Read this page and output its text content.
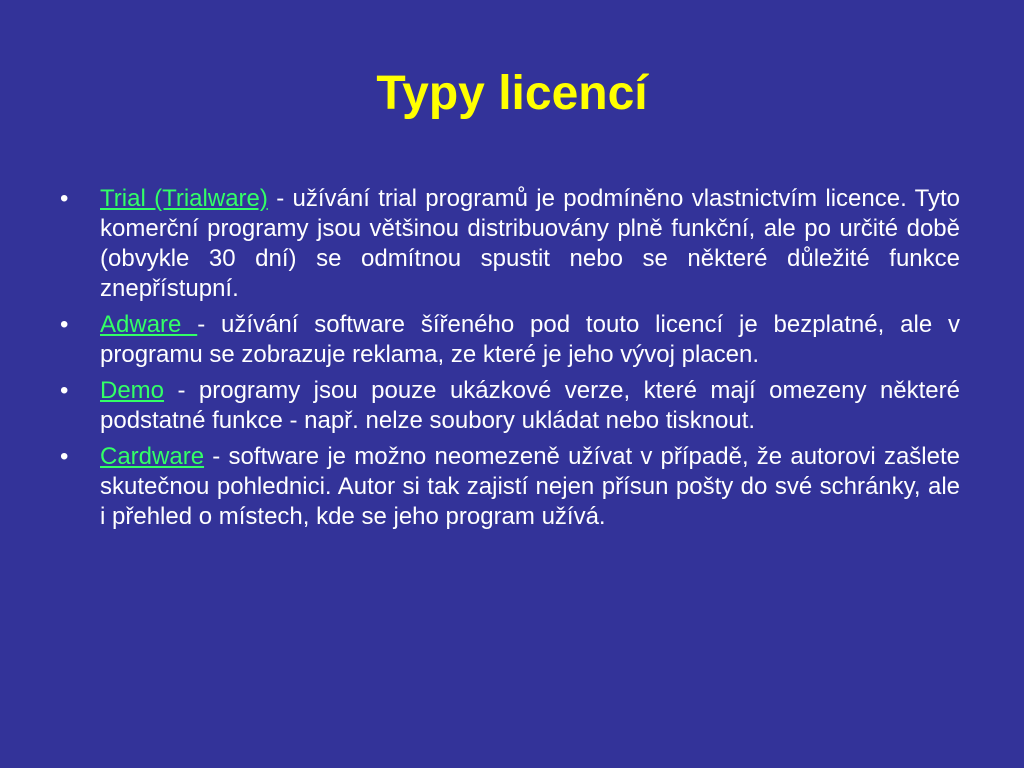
Typy licencí
•	Trial (Trialware) - užívání trial programů je podmíněno vlastnictvím licence. Tyto komerční programy jsou většinou distribuovány plně funkční, ale po určité době (obvykle 30 dní) se odmítnou spustit nebo se některé důležité funkce znepřístupní.
•	Adware - užívání software šířeného pod touto licencí je bezplatné, ale v programu se zobrazuje reklama, ze které je jeho vývoj placen.
•	Demo - programy jsou pouze ukázkové verze, které mají omezeny některé podstatné funkce - např. nelze soubory ukládat nebo tisknout.
•	Cardware - software je možno neomezeně užívat v případě, že autorovi zašlete skutečnou pohlednici. Autor si tak zajistí nejen přísun pošty do své schránky, ale i přehled o místech, kde se jeho program užívá.
